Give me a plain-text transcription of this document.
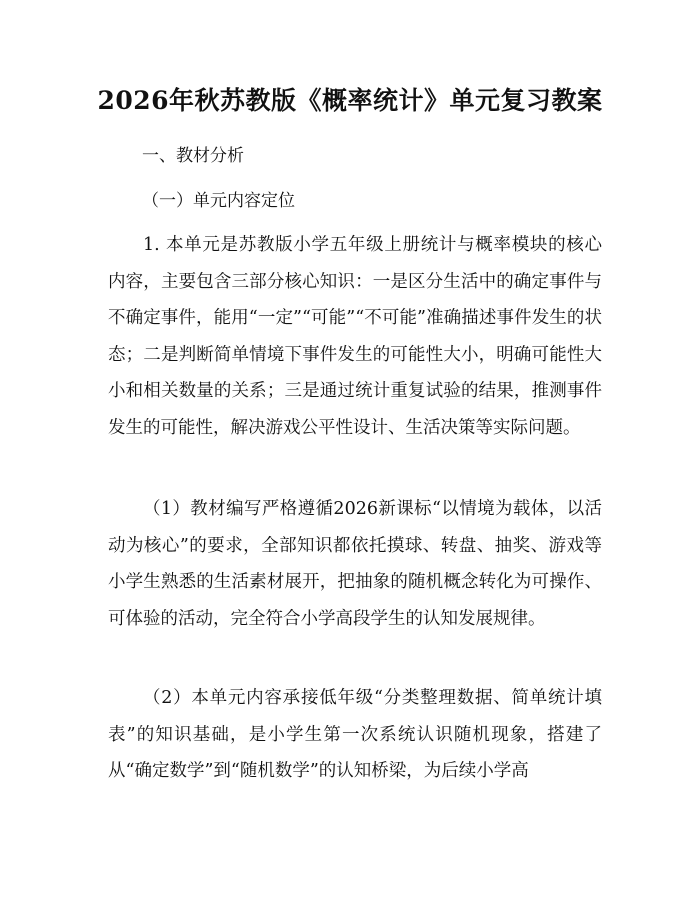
2026年秋苏教版《概率统计》单元复习教案
一、教材分析
（一）单元内容定位

1. 本单元是苏教版小学五年级上册统计与概率模块的核心内容，主要包含三部分核心知识：一是区分生活中的确定事件与不确定事件，能用“一定”“可能”“不可能”准确描述事件发生的状态；二是判断简单情境下事件发生的可能性大小，明确可能性大小和相关数量的关系；三是通过统计重复试验的结果，推测事件发生的可能性，解决游戏公平性设计、生活决策等实际问题。

（1）教材编写严格遵循2026新课标“以情境为载体，以活动为核心”的要求，全部知识都依托摸球、转盘、抽奖、游戏等小学生熟悉的生活素材展开，把抽象的随机概念转化为可操作、可体验的活动，完全符合小学高段学生的认知发展规律。

（2）本单元内容承接低年级“分类整理数据、简单统计填表”的知识基础，是小学生第一次系统认识随机现象，搭建了从“确定数学”到“随机数学”的认知桥梁，为后续小学高
